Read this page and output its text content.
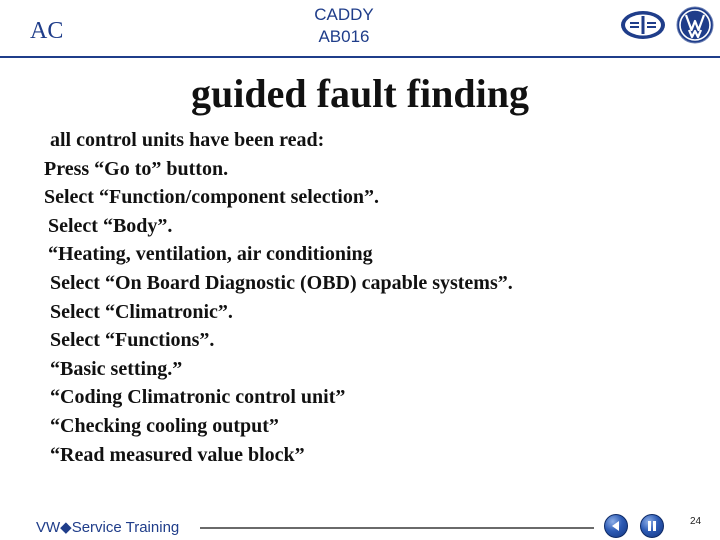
AC
CADDY
AB016
guided fault finding
all control units have been read:
Press “Go to” button.
Select “Function/component selection”.
Select “Body”.
“Heating, ventilation, air conditioning
Select “On Board Diagnostic (OBD) capable systems”.
Select “Climatronic”.
Select “Functions”.
“Basic setting.”
“Coding Climatronic control unit”
“Checking cooling output”
“Read measured value block”
VW◆Service Training	24
